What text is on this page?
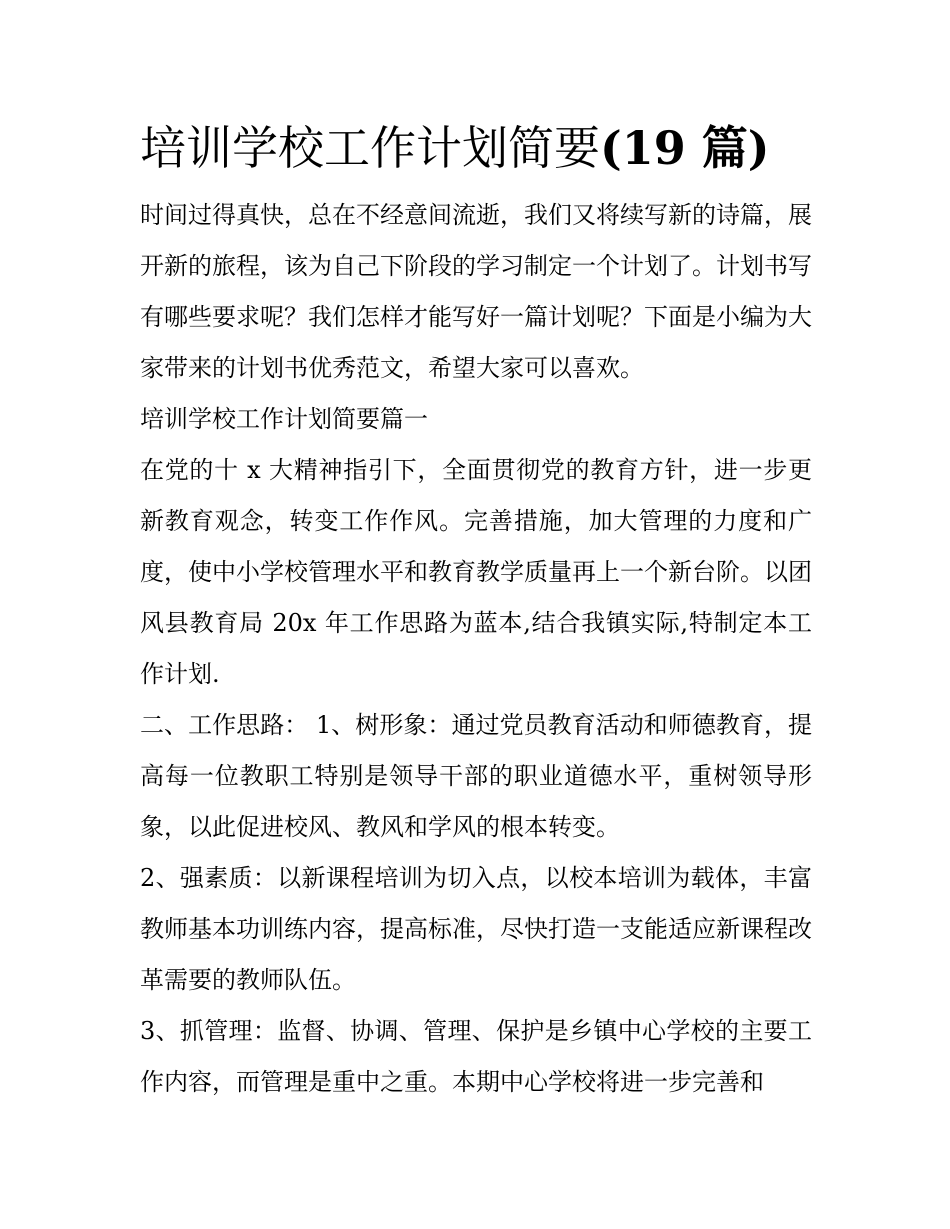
培训学校工作计划简要(19 篇)

时间过得真快，总在不经意间流逝，我们又将续写新的诗篇，展开新的旅程，该为自己下阶段的学习制定一个计划了。计划书写有哪些要求呢？我们怎样才能写好一篇计划呢？下面是小编为大家带来的计划书优秀范文，希望大家可以喜欢。

培训学校工作计划简要篇一

在党的十 x 大精神指引下，全面贯彻党的教育方针，进一步更新教育观念，转变工作作风。完善措施，加大管理的力度和广度，使中小学校管理水平和教育教学质量再上一个新台阶。以团风县教育局 20x 年工作思路为蓝本,结合我镇实际,特制定本工作计划.

二、工作思路： 1、树形象：通过党员教育活动和师德教育，提高每一位教职工特别是领导干部的职业道德水平，重树领导形象，以此促进校风、教风和学风的根本转变。

2、强素质：以新课程培训为切入点，以校本培训为载体，丰富教师基本功训练内容，提高标准，尽快打造一支能适应新课程改革需要的教师队伍。

3、抓管理：监督、协调、管理、保护是乡镇中心学校的主要工作内容，而管理是重中之重。本期中心学校将进一步完善和
